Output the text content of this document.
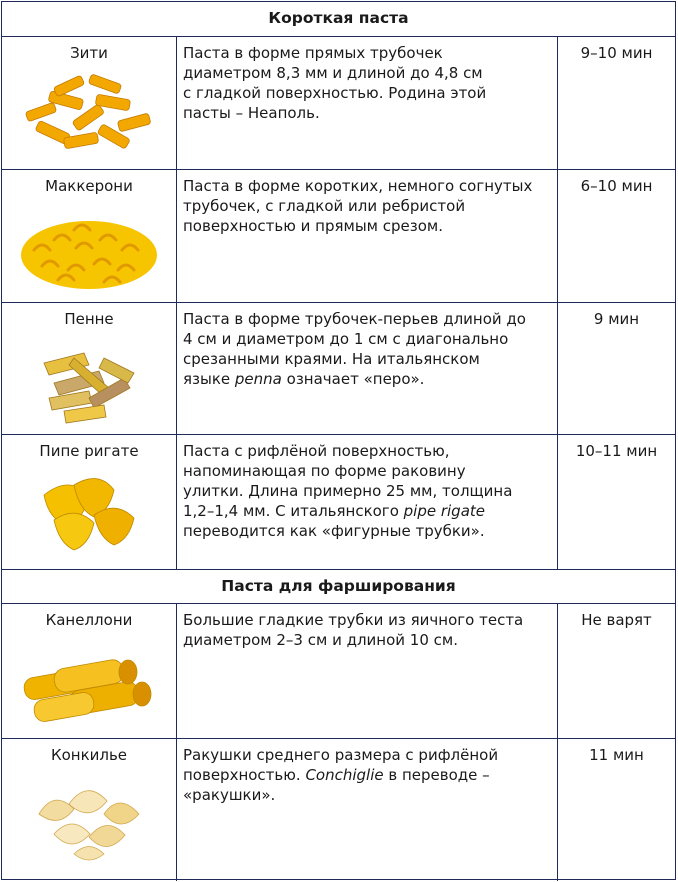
Короткая паста
Зити	Паста в форме прямых трубочек
диаметром 8,3 мм и длиной до 4,8 см
с гладкой поверхностью. Родина этой
пасты – Неаполь.
9–10 мин
Маккерони	Паста в форме коротких, немного согнутых
трубочек, с гладкой или ребристой
поверхностью и прямым срезом.
6–10 мин
Пенне	Паста в форме трубочек-перьев длиной до
4 см и диаметром до 1 см с диагонально
срезанными краями. На итальянском
языке penna означает «перо».
9 мин
Пипе ригате	Паста с рифлёной поверхностью,
напоминающая по форме раковину
улитки. Длина примерно 25 мм, толщина
1,2–1,4 мм. С итальянского pipe rigate
переводится как «фигурные трубки».
10–11 мин
Паста для фарширования
Канеллони	Большие гладкие трубки из яичного теста
диаметром 2–3 см и длиной 10 см.
Не варят
Конкилье	Ракушки среднего размера с рифлёной
поверхностью. Conchiglie в переводе –
«ракушки».
11 мин
